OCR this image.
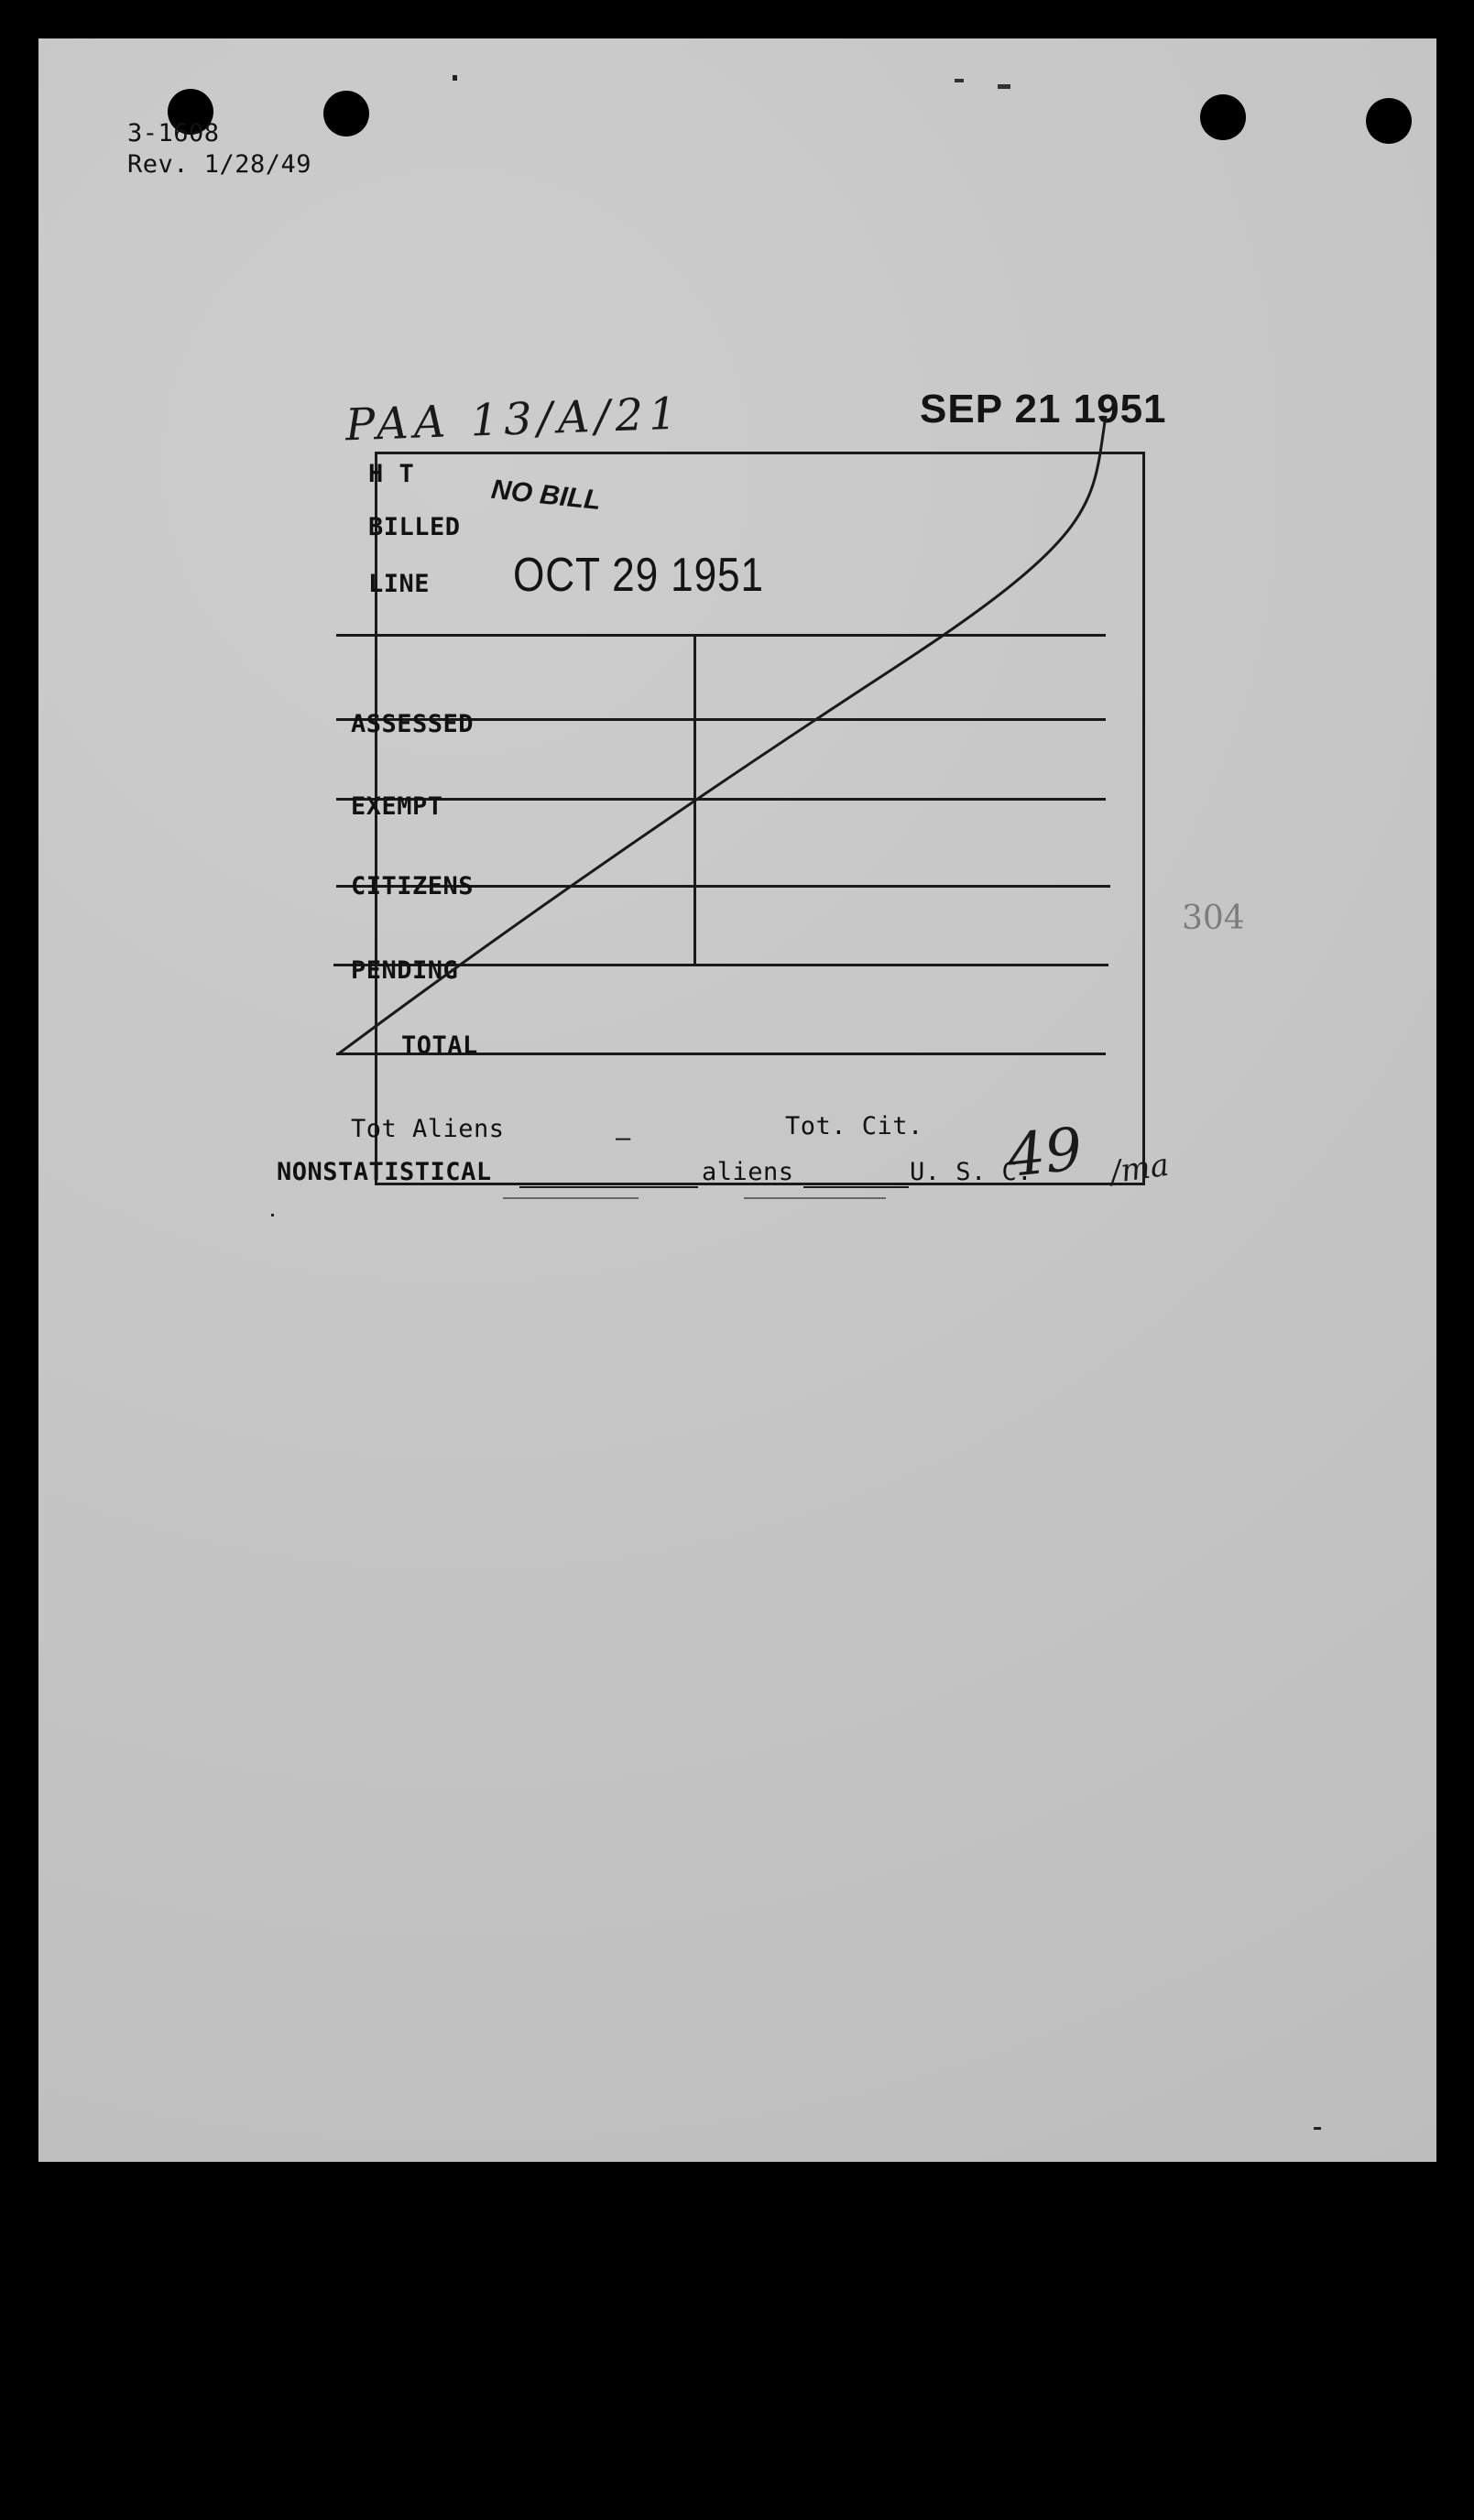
3-1608
Rev. 1/28/49
PAA 13/A/21	SEP 21 1951
H T
BILLED
LINE
NO BILL
OCT 29 1951
ASSESSED
EXEMPT
CITIZENS
PENDING
TOTAL
Tot Aliens	—	Tot. Cit. 49 /ma
NONSTATISTICAL	aliens	U. S. C.
304
